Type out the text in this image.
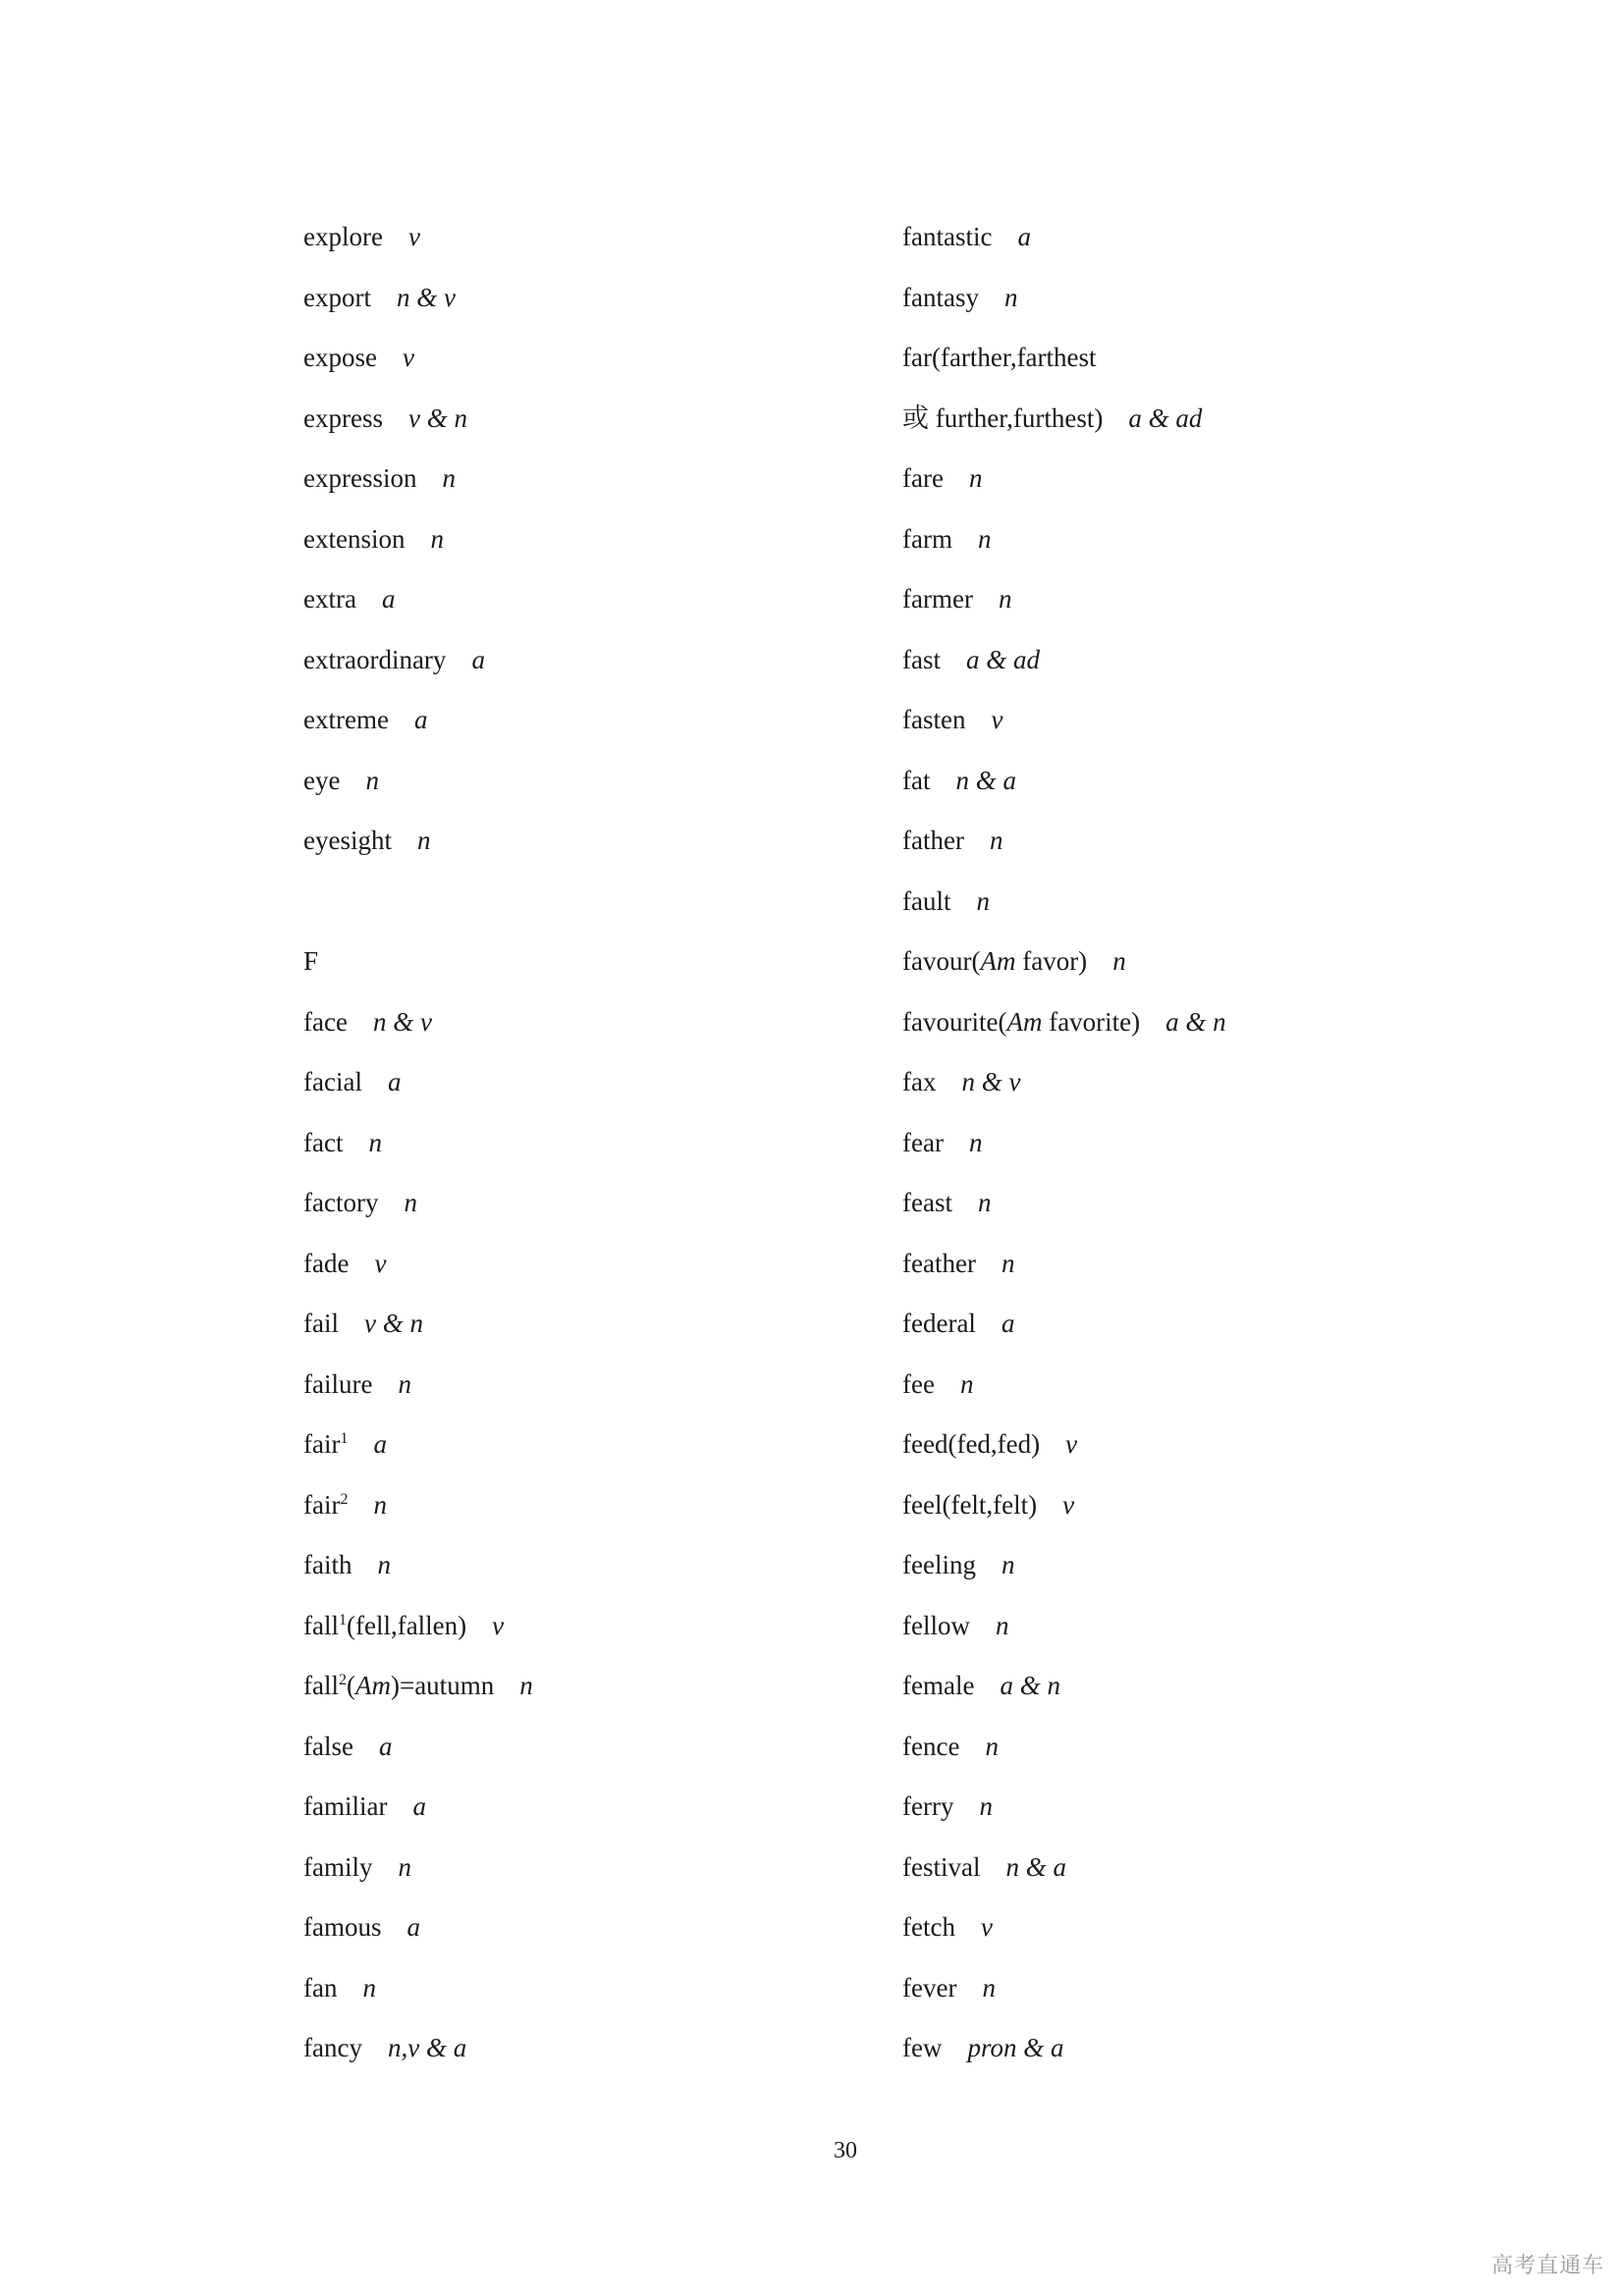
explore v
export n & v
expose v
express v & n
expression n
extension n
extra a
extraordinary a
extreme a
eye n
eyesight n
F
face n & v
facial a
fact n
factory n
fade v
fail v & n
failure n
fair$^1$ a
fair$^2$ n
faith n
fall$^1$(fell,fallen) v
fall$^2$(Am)=autumn n
false a
familiar a
family n
famous a
fan n
fancy n,v & a
fantastic a
fantasy n
far(farther,farthest
或 further,furthest) a & ad
fare n
farm n
farmer n
fast a & ad
fasten v
fat n & a
father n
fault n
favour(Am favor) n
favourite(Am favorite) a & n
fax n & v
fear n
feast n
feather n
federal a
fee n
feed(fed,fed) v
feel(felt,felt) v
feeling n
fellow n
female a & n
fence n
ferry n
festival n & a
fetch v
fever n
few pron & a
30
高考直通车
